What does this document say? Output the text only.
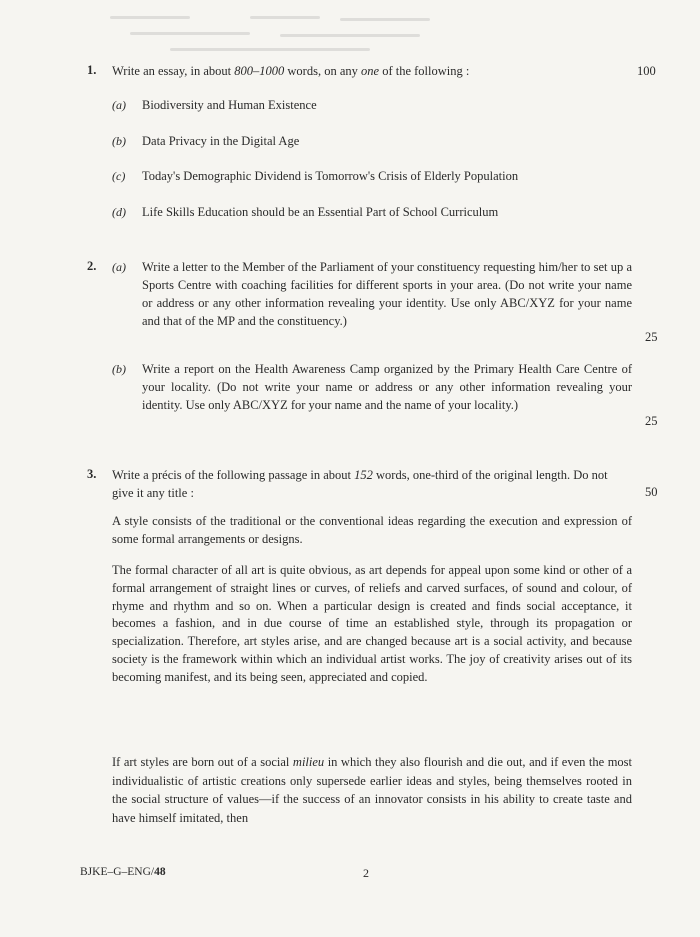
1. Write an essay, in about 800–1000 words, on any one of the following :	100
(a) Biodiversity and Human Existence
(b) Data Privacy in the Digital Age
(c) Today's Demographic Dividend is Tomorrow's Crisis of Elderly Population
(d) Life Skills Education should be an Essential Part of School Curriculum
2. (a) Write a letter to the Member of the Parliament of your constituency requesting him/her to set up a Sports Centre with coaching facilities for different sports in your area. (Do not write your name or address or any other information revealing your identity. Use only ABC/XYZ for your name and that of the MP and the constituency.)
25
(b) Write a report on the Health Awareness Camp organized by the Primary Health Care Centre of your locality. (Do not write your name or address or any other information revealing your identity. Use only ABC/XYZ for your name and the name of your locality.)
25
3. Write a précis of the following passage in about 152 words, one-third of the original length. Do not give it any title :	50

A style consists of the traditional or the conventional ideas regarding the execution and expression of some formal arrangements or designs.

The formal character of all art is quite obvious, as art depends for appeal upon some kind or other of a formal arrangement of straight lines or curves, of reliefs and carved surfaces, of sound and colour, of rhyme and rhythm and so on. When a particular design is created and finds social acceptance, it becomes a fashion, and in due course of time an established style, through its propagation or specialization. Therefore, art styles arise, and are changed because art is a social activity, and because society is the framework within which an individual artist works. The joy of creativity arises out of its becoming manifest, and its being seen, appreciated and copied.

If art styles are born out of a social milieu in which they also flourish and die out, and if even the most individualistic of artistic creations only supersede earlier ideas and styles, being themselves rooted in the social structure of values—if the success of an innovator consists in his ability to create taste and have himself imitated, then

BJKE–G–ENG/48	2
